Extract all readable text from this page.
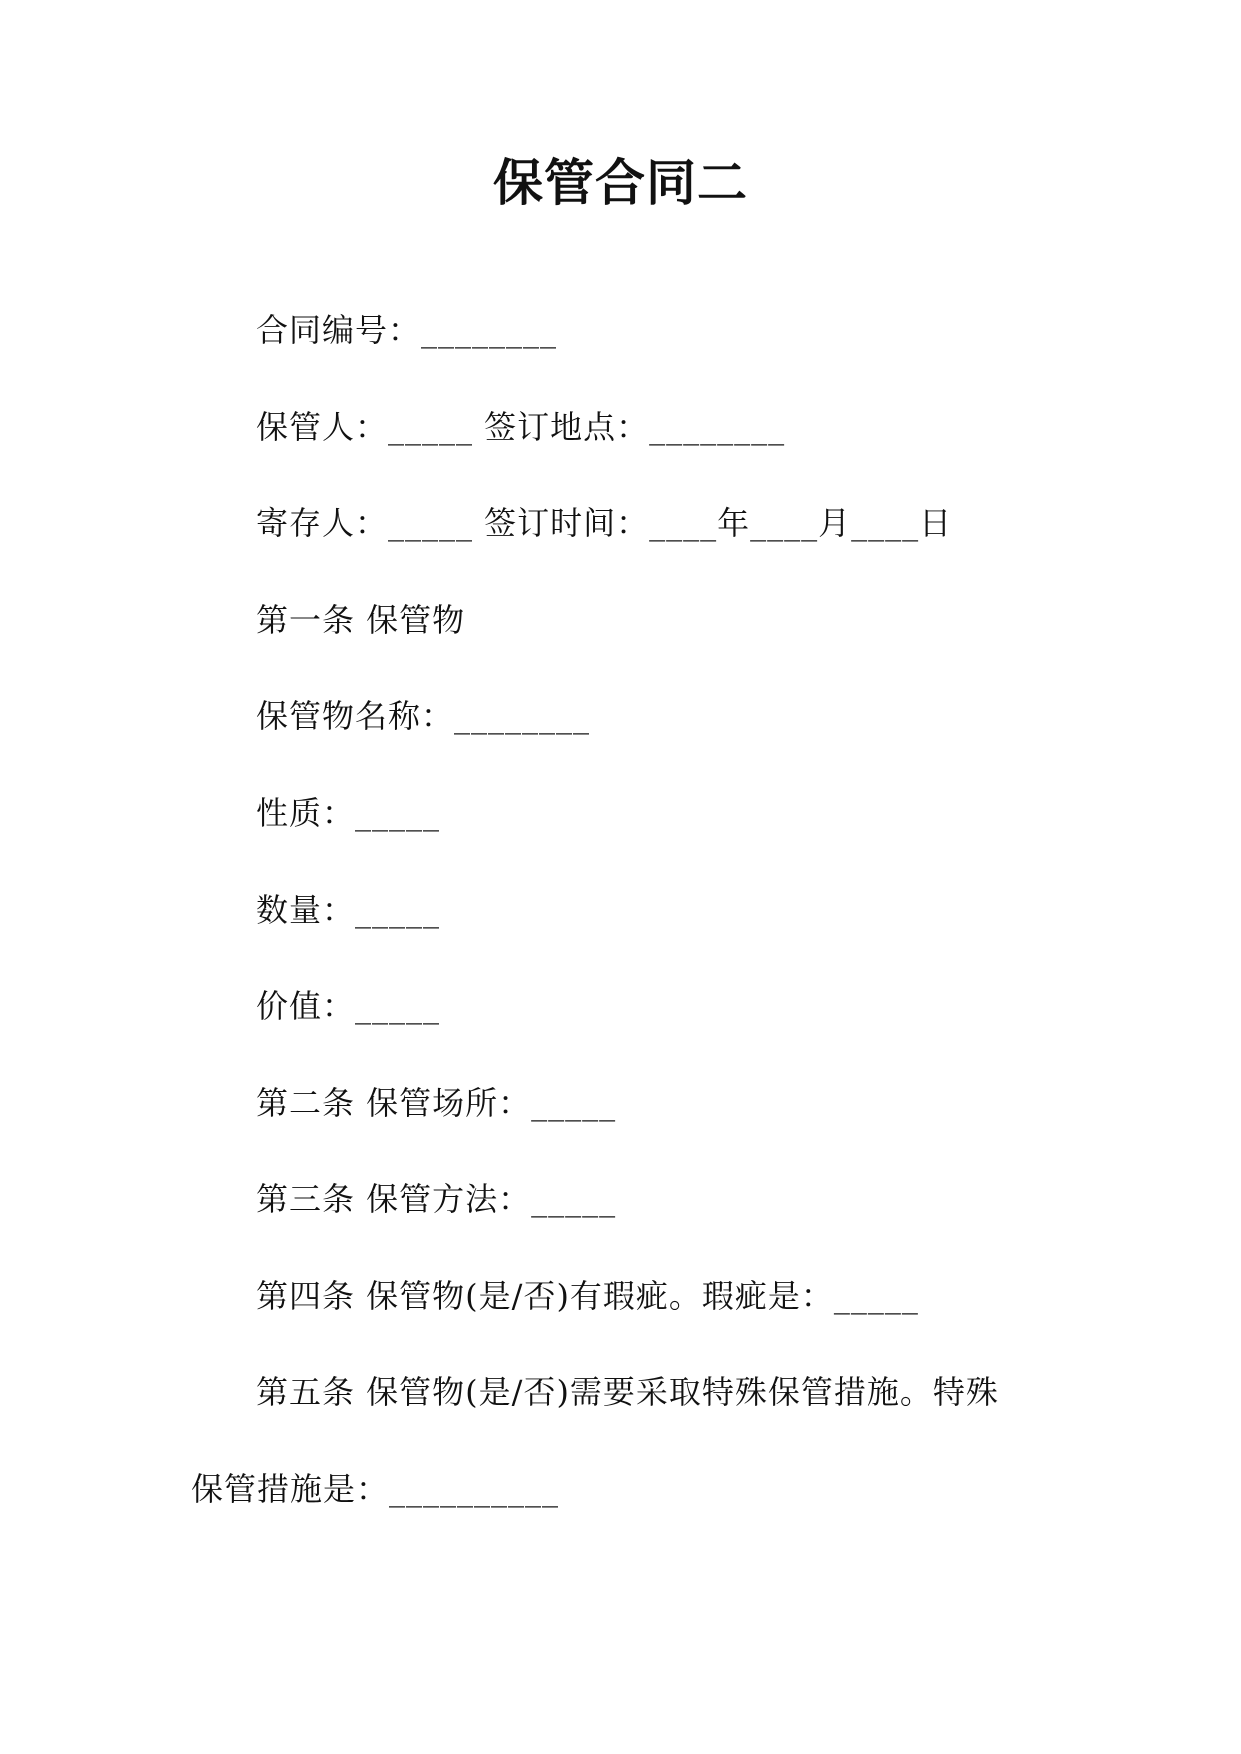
保管合同二
合同编号：________
保管人：_____ 签订地点：________
寄存人：_____ 签订时间：____年____月____日
第一条 保管物
保管物名称：________
性质：_____
数量：_____
价值：_____
第二条 保管场所：_____
第三条 保管方法：_____
第四条 保管物(是/否)有瑕疵。瑕疵是：_____
第五条 保管物(是/否)需要采取特殊保管措施。特殊
保管措施是：__________
